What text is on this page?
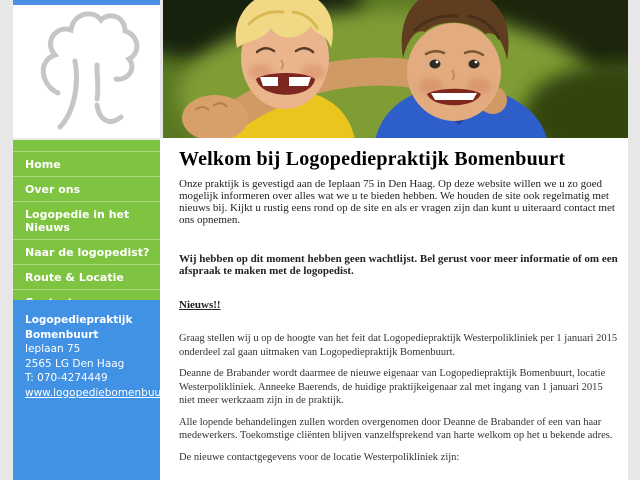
Welkom bij Logopediepraktijk Bomenbuurt

Onze praktijk is gevestigd aan de Ieplaan 75 in Den Haag. Op deze website willen we u zo goed mogelijk informeren over alles wat we u te bieden hebben. We houden de site ook regelmatig met nieuws bij. Kijkt u rustig eens rond op de site en als er vragen zijn dan kunt u uiteraard contact met ons opnemen.

Wij hebben op dit moment hebben geen wachtlijst. Bel gerust voor meer informatie of om een afspraak te maken met de logopedist.

Nieuws!!

Graag stellen wij u op de hoogte van het feit dat Logopediepraktijk Westerpolikliniek per 1 januari 2015 onderdeel zal gaan uitmaken van Logopediepraktijk Bomenbuurt.

Deanne de Brabander wordt daarmee de nieuwe eigenaar van Logopediepraktijk Bomenbuurt, locatie Westerpolikliniek. Anneeke Baerends, de huidige praktijkeigenaar zal met ingang van 1 januari 2015 niet meer werkzaam zijn in de praktijk.

Alle lopende behandelingen zullen worden overgenomen door Deanne de Brabander of een van haar medewerkers. Toekomstige cliënten blijven vanzelfsprekend van harte welkom op het u bekende adres.

De nieuwe contactgegevens voor de locatie Westerpolikliniek zijn:

Home
Over ons
Logopedie in het Nieuws
Naar de logopedist?
Route & Locatie
Logopediepraktijk
Bomenbuurt
Ieplaan 75
2565 LG Den Haag
T: 070-4274449
www.logopediebomenbuurt.nl
